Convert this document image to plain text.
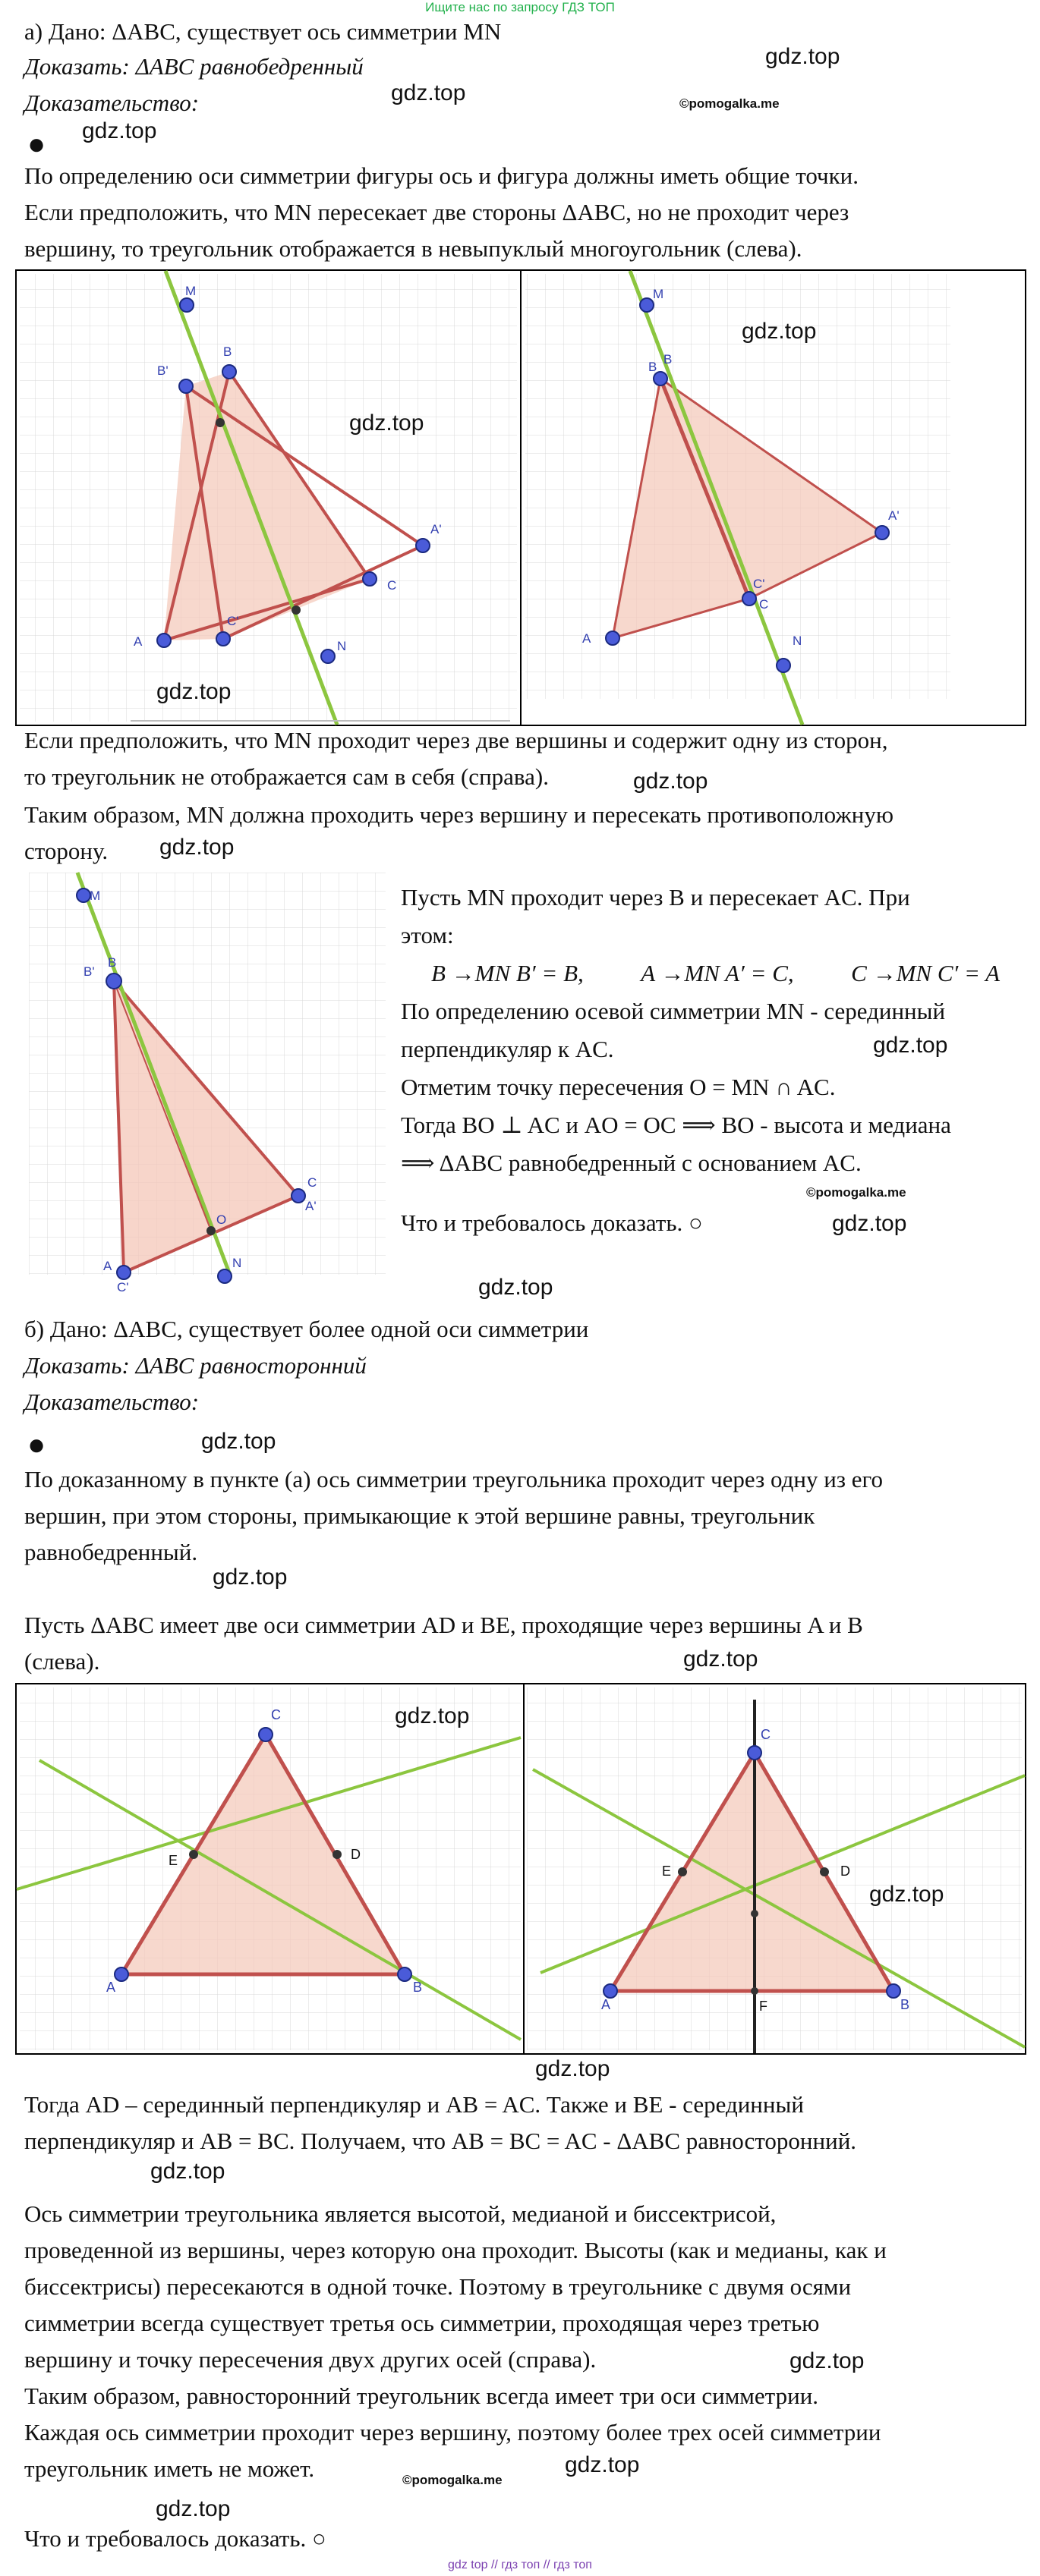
Ищите нас по запросу ГДЗ ТОП
а) Дано: ΔABC, существует ось симметрии MN
Доказать: ΔABC равнобедренный
Доказательство:
● gdz.top
gdz.top
gdz.top
©pomogalka.me
По определению оси симметрии фигуры ось и фигура должны иметь общие точки.
Если предположить, что MN пересекает две стороны ΔABC, но не проходит через
вершину, то треугольник отображается в невыпуклый многоугольник (слева).
M
B
B'
A'
C
C'
A	N
M
B
B
A'
C'
C
A	N
gdz.top
gdz.top
gdz.top
Если предположить, что MN проходит через две вершины и содержит одну из сторон,
то треугольник не отображается сам в себя (справа).	gdz.top
Таким образом, MN должна проходить через вершину и пересекать противоположную
сторону. gdz.top
M
B
B'
C
A'
O
A
C'
N
Пусть MN проходит через B и пересекает AC. При
этом:
B →MN B′ = B, A →MN A′ = C, C →MN C′ = A
По определению осевой симметрии MN - серединный
перпендикуляр к AC.
Отметим точку пересечения O = MN ∩ AC.
Тогда BO ⊥ AC и AO = OC ⟹ BO - высота и медиана
⟹ ΔABC равнобедренный с основанием AC.
gdz.top
©pomogalka.me
Что и требовалось доказать. ○	gdz.top
gdz.top
б) Дано: ΔABC, существует более одной оси симметрии
Доказать: ΔABC равносторонний
Доказательство:
●	gdz.top
По доказанному в пункте (а) ось симметрии треугольника проходит через одну из его
вершин, при этом стороны, примыкающие к этой вершине равны, треугольник
равнобедренный.
gdz.top
Пусть ΔABC имеет две оси симметрии AD и BE, проходящие через вершины A и B
(слева).	gdz.top
C
E	D
A	B
C
E	D
A	F	B
gdz.top
gdz.top
gdz.top
Тогда AD – серединный перпендикуляр и AB = AC. Также и BE - серединный
перпендикуляр и AB = BC. Получаем, что AB = BC = AC - ΔABC равносторонний.
gdz.top
Ось симметрии треугольника является высотой, медианой и биссектрисой,
проведенной из вершины, через которую она проходит. Высоты (как и медианы, как и
биссектрисы) пересекаются в одной точке. Поэтому в треугольнике с двумя осями
симметрии всегда существует третья ось симметрии, проходящая через третью
вершину и точку пересечения двух других осей (справа).	gdz.top
Таким образом, равносторонний треугольник всегда имеет три оси симметрии.
Каждая ось симметрии проходит через вершину, поэтому более трех осей симметрии
треугольник иметь не может.	gdz.top
©pomogalka.me
gdz.top
Что и требовалось доказать. ○
gdz top // гдз топ // гдз топ
